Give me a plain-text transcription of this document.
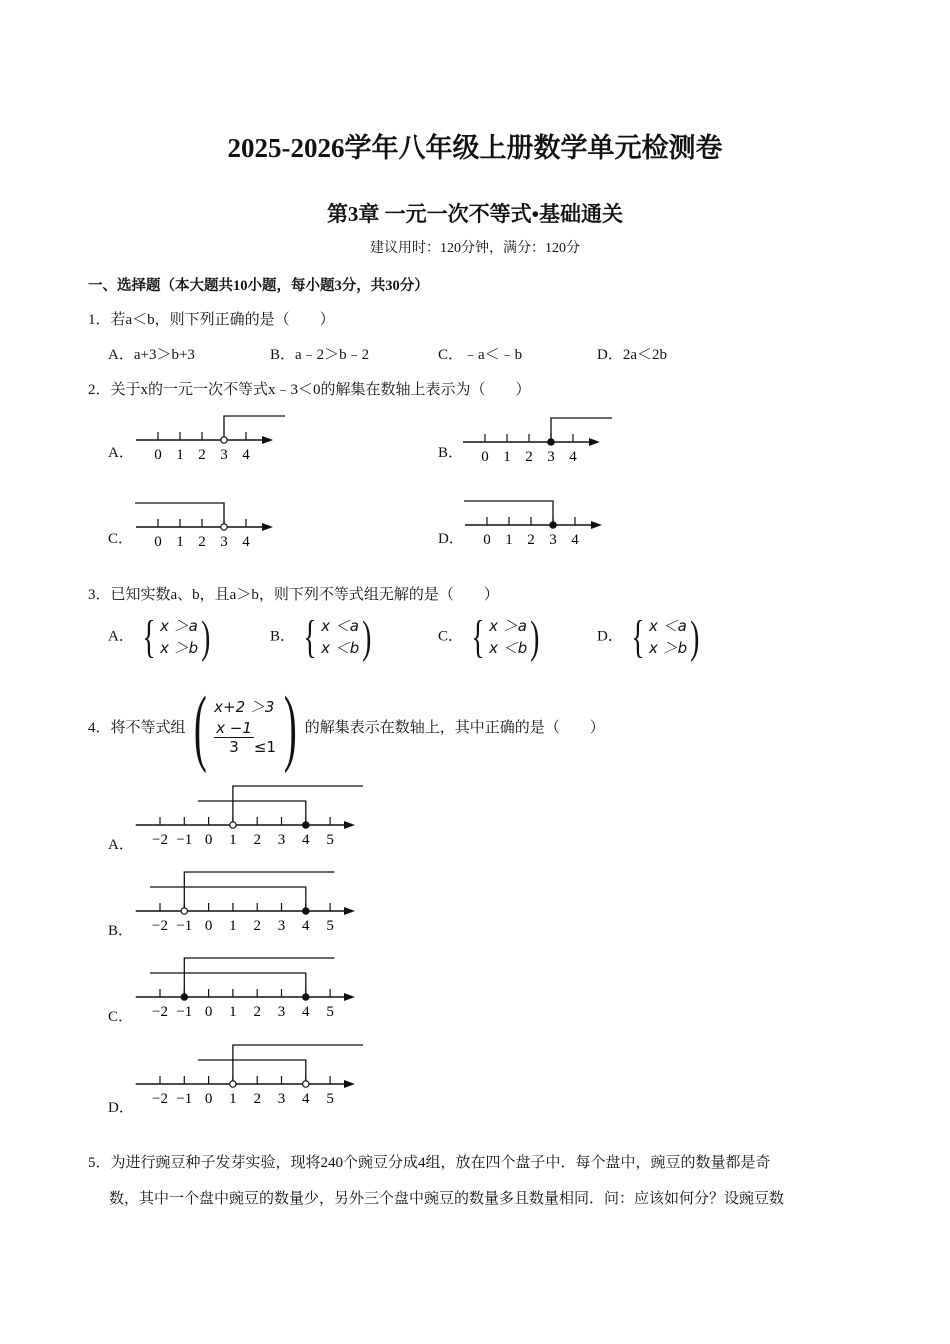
2025-2026学年八年级上册数学单元检测卷
第3章 一元一次不等式•基础通关
建议用时：120分钟，满分：120分
一、选择题（本大题共10小题，每小题3分，共30分）
1．若a＜b，则下列正确的是（　　）
A．a+3＞b+3	B．a﹣2＞b﹣2	C．﹣a＜﹣b	D．2a＜2b
2．关于x的一元一次不等式x﹣3＜0的解集在数轴上表示为（　　）
A．	B．
C．	D．
0 1 2 3 4	0 1 2 3 4
0 1 2 3 4	0 1 2 3 4
3．已知实数a、b，且a＞b，则下列不等式组无解的是（　　）
A． { x ＞a
x ＞b )	B． { x ＜a
x ＜b )	C． { x ＞a
x ＜b )	D． { x ＜a
x ＞b )
4．将不等式组 ( x+2 ＞3
$\frac{x -1}{3} \le 1$ ) 的解集表示在数轴上，其中正确的是（　　）
A．
B．
C．
D．
−2 −1 0 1 2 3 4 5
−2 −1 0 1 2 3 4 5
−2 −1 0 1 2 3 4 5
−2 −1 0 1 2 3 4 5
5．为进行豌豆种子发芽实验，现将240个豌豆分成4组，放在四个盘子中．每个盘中，豌豆的数量都是奇
数，其中一个盘中豌豆的数量少，另外三个盘中豌豆的数量多且数量相同．问：应该如何分？设豌豆数
